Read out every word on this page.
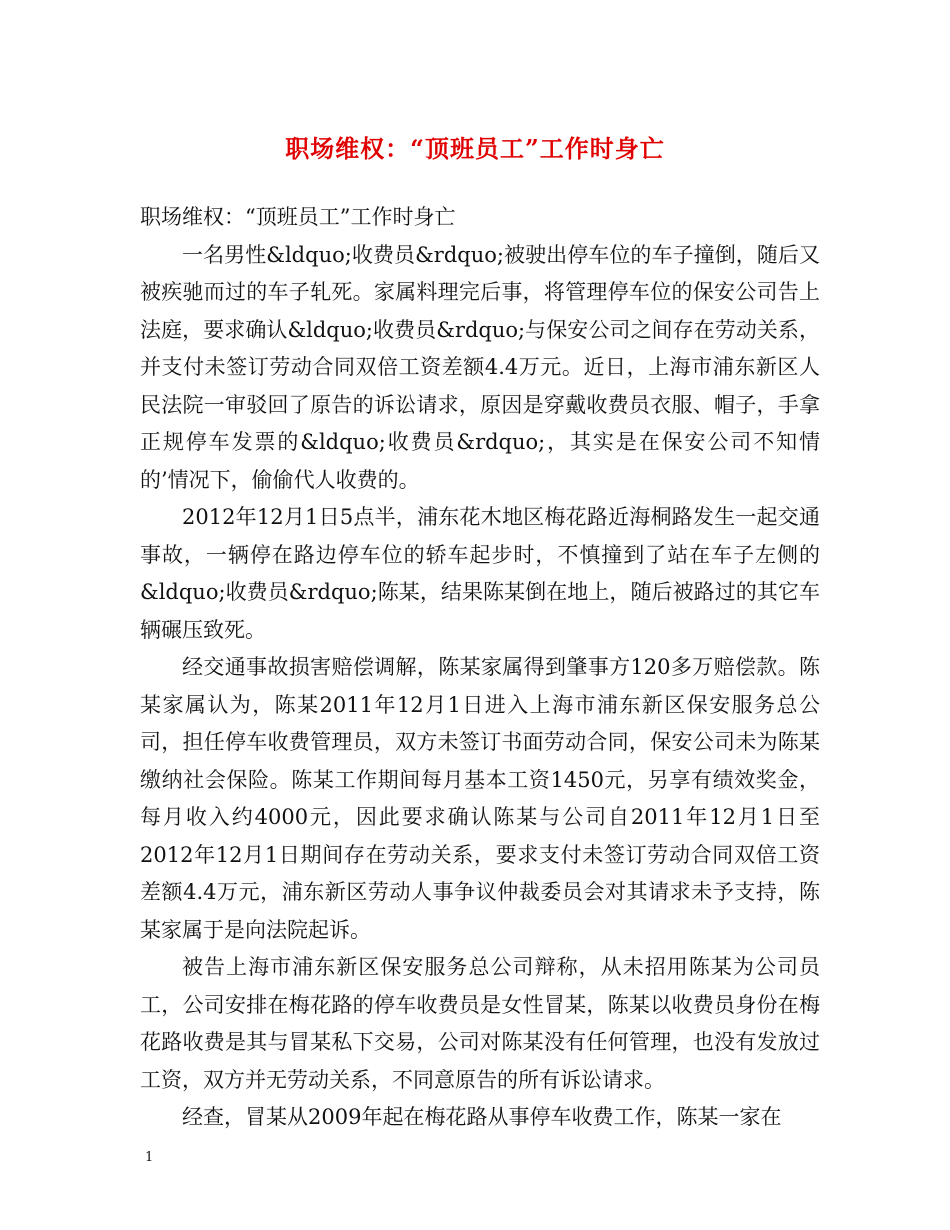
职场维权：“顶班员工”工作时身亡

职场维权：“顶班员工”工作时身亡

一名男性&ldquo;收费员&rdquo;被驶出停车位的车子撞倒，随后又被疾驰而过的车子轧死。家属料理完后事，将管理停车位的保安公司告上法庭，要求确认&ldquo;收费员&rdquo;与保安公司之间存在劳动关系，并支付未签订劳动合同双倍工资差额4.4万元。近日，上海市浦东新区人民法院一审驳回了原告的诉讼请求，原因是穿戴收费员衣服、帽子，手拿正规停车发票的&ldquo;收费员&rdquo;，其实是在保安公司不知情的’情况下，偷偷代人收费的。

2012年12月1日5点半，浦东花木地区梅花路近海桐路发生一起交通事故，一辆停在路边停车位的轿车起步时，不慎撞到了站在车子左侧的&ldquo;收费员&rdquo;陈某，结果陈某倒在地上，随后被路过的其它车辆碾压致死。

经交通事故损害赔偿调解，陈某家属得到肇事方120多万赔偿款。陈某家属认为，陈某2011年12月1日进入上海市浦东新区保安服务总公司，担任停车收费管理员，双方未签订书面劳动合同，保安公司未为陈某缴纳社会保险。陈某工作期间每月基本工资1450元，另享有绩效奖金，每月收入约4000元，因此要求确认陈某与公司自2011年12月1日至2012年12月1日期间存在劳动关系，要求支付未签订劳动合同双倍工资差额4.4万元，浦东新区劳动人事争议仲裁委员会对其请求未予支持，陈某家属于是向法院起诉。

被告上海市浦东新区保安服务总公司辩称，从未招用陈某为公司员工，公司安排在梅花路的停车收费员是女性冒某，陈某以收费员身份在梅花路收费是其与冒某私下交易，公司对陈某没有任何管理，也没有发放过工资，双方并无劳动关系，不同意原告的所有诉讼请求。

经查，冒某从2009年起在梅花路从事停车收费工作，陈某一家在

1
